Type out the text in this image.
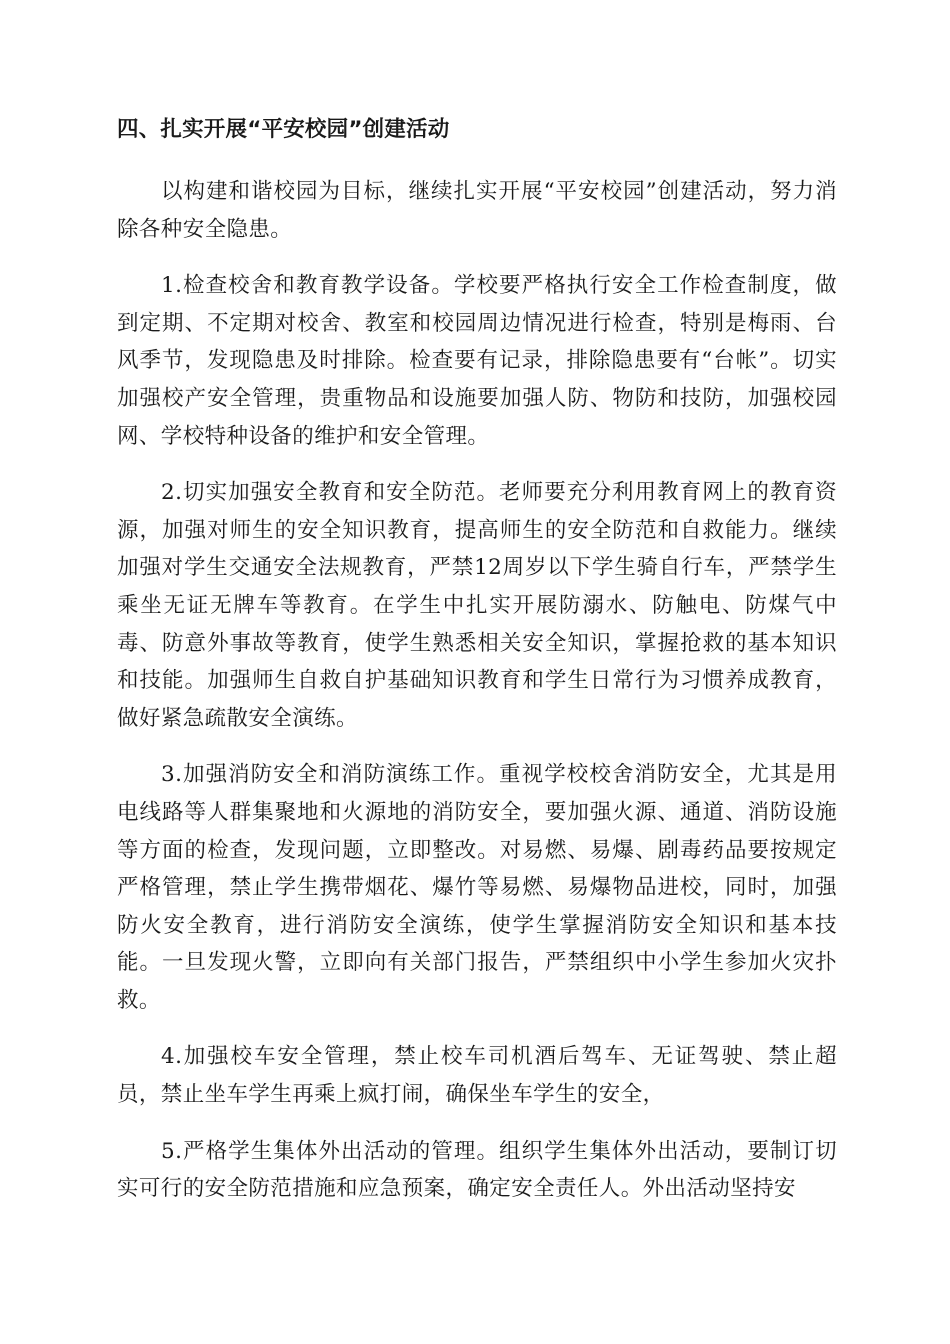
四、扎实开展“平安校园”创建活动

以构建和谐校园为目标，继续扎实开展“平安校园”创建活动，努力消除各种安全隐患。

1.检查校舍和教育教学设备。学校要严格执行安全工作检查制度，做到定期、不定期对校舍、教室和校园周边情况进行检查，特别是梅雨、台风季节，发现隐患及时排除。检查要有记录，排除隐患要有“台帐”。切实加强校产安全管理，贵重物品和设施要加强人防、物防和技防，加强校园网、学校特种设备的维护和安全管理。

2.切实加强安全教育和安全防范。老师要充分利用教育网上的教育资源，加强对师生的安全知识教育，提高师生的安全防范和自救能力。继续加强对学生交通安全法规教育，严禁12周岁以下学生骑自行车，严禁学生乘坐无证无牌车等教育。在学生中扎实开展防溺水、防触电、防煤气中毒、防意外事故等教育，使学生熟悉相关安全知识，掌握抢救的基本知识和技能。加强师生自救自护基础知识教育和学生日常行为习惯养成教育，做好紧急疏散安全演练。

3.加强消防安全和消防演练工作。重视学校校舍消防安全，尤其是用电线路等人群集聚地和火源地的消防安全，要加强火源、通道、消防设施等方面的检查，发现问题，立即整改。对易燃、易爆、剧毒药品要按规定严格管理，禁止学生携带烟花、爆竹等易燃、易爆物品进校，同时，加强防火安全教育，进行消防安全演练，使学生掌握消防安全知识和基本技能。一旦发现火警，立即向有关部门报告，严禁组织中小学生参加火灾扑救。

4.加强校车安全管理，禁止校车司机酒后驾车、无证驾驶、禁止超员，禁止坐车学生再乘上疯打闹，确保坐车学生的安全，

5.严格学生集体外出活动的管理。组织学生集体外出活动，要制订切实可行的安全防范措施和应急预案，确定安全责任人。外出活动坚持安
